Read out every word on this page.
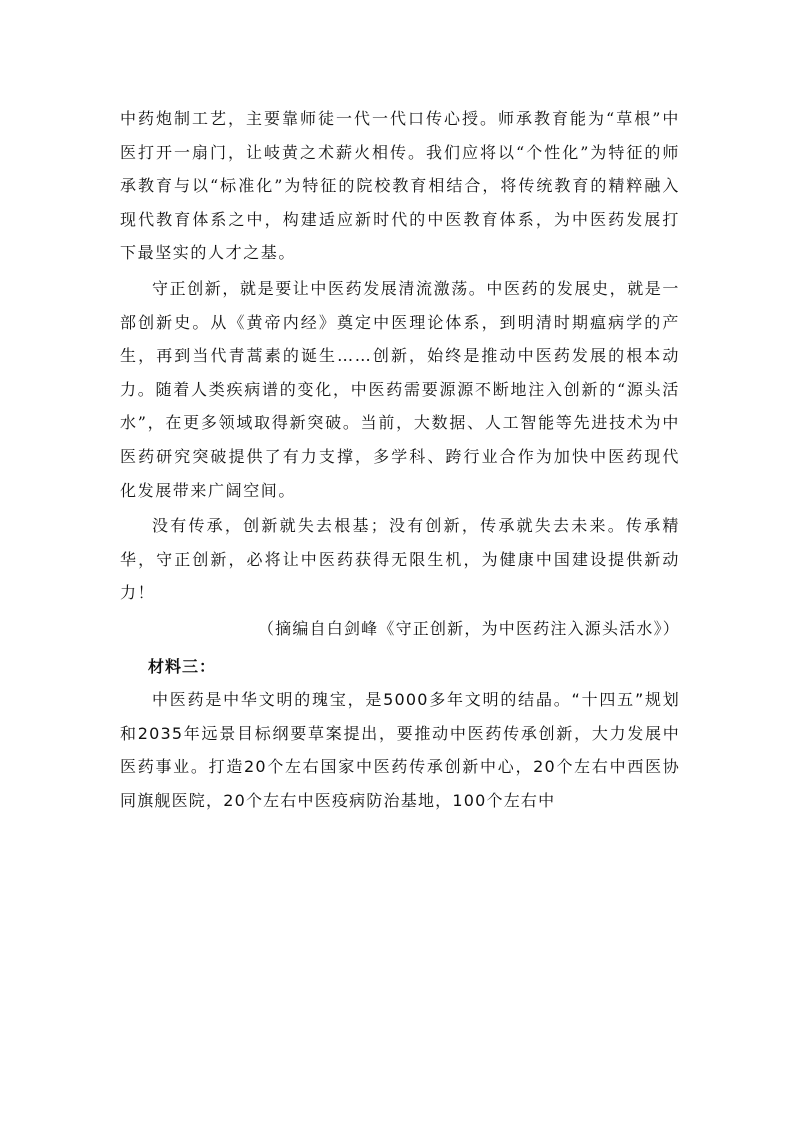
中药炮制工艺，主要靠师徒一代一代口传心授。师承教育能为“草根”中医打开一扇门，让岐黄之术薪火相传。我们应将以“个性化”为特征的师承教育与以“标准化”为特征的院校教育相结合，将传统教育的精粹融入现代教育体系之中，构建适应新时代的中医教育体系，为中医药发展打下最坚实的人才之基。

守正创新，就是要让中医药发展清流激荡。中医药的发展史，就是一部创新史。从《黄帝内经》奠定中医理论体系，到明清时期瘟病学的产生，再到当代青蒿素的诞生……创新，始终是推动中医药发展的根本动力。随着人类疾病谱的变化，中医药需要源源不断地注入创新的“源头活水”，在更多领域取得新突破。当前，大数据、人工智能等先进技术为中医药研究突破提供了有力支撑，多学科、跨行业合作为加快中医药现代化发展带来广阔空间。

没有传承，创新就失去根基；没有创新，传承就失去未来。传承精华，守正创新，必将让中医药获得无限生机，为健康中国建设提供新动力！

（摘编自白剑峰《守正创新，为中医药注入源头活水》）

材料三：

中医药是中华文明的瑰宝，是5000多年文明的结晶。“十四五”规划和2035年远景目标纲要草案提出，要推动中医药传承创新，大力发展中医药事业。打造20个左右国家中医药传承创新中心，20个左右中西医协同旗舰医院，20个左右中医疫病防治基地，100个左右中
